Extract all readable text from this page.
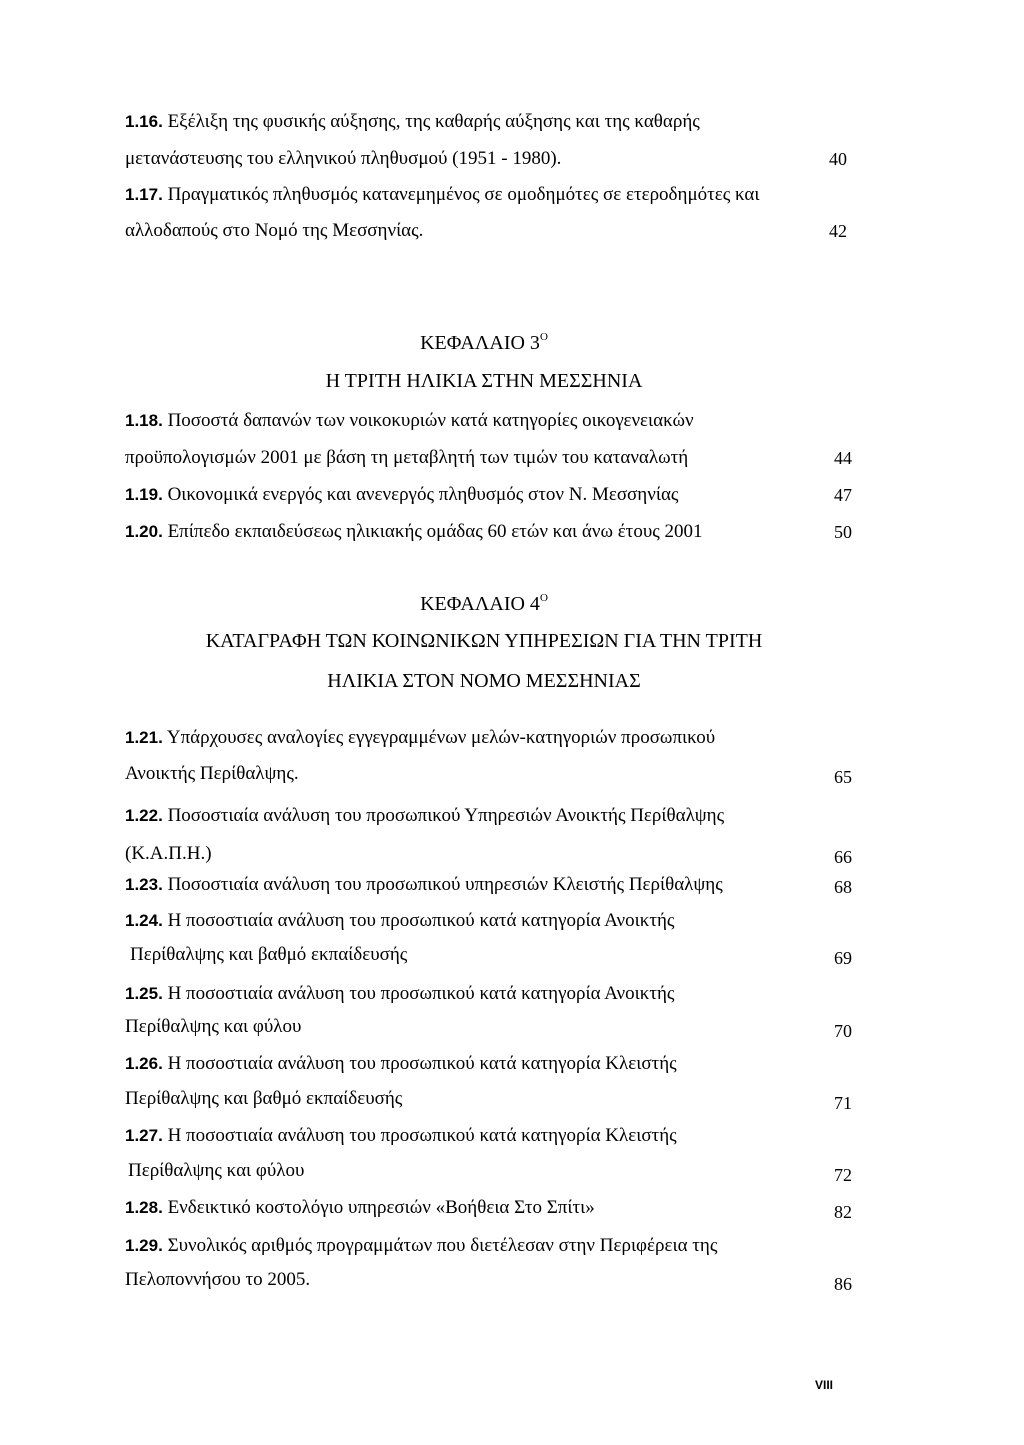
1.16. Εξέλιξη της φυσικής αύξησης, της καθαρής αύξησης και της καθαρής
μετανάστευσης του ελληνικού πληθυσμού (1951 - 1980).	40
1.17. Πραγματικός πληθυσμός κατανεμημένος σε ομοδημότες σε ετεροδημότες και
αλλοδαπούς στο Νομό της Μεσσηνίας.	42
ΚΕΦΑΛΑΙΟ $3^O$
Η ΤΡΙΤΗ ΗΛΙΚΙΑ ΣΤΗΝ ΜΕΣΣΗΝΙΑ
1.18. Ποσοστά δαπανών των νοικοκυριών κατά κατηγορίες οικογενειακών
προϋπολογισμών 2001 με βάση τη μεταβλητή των τιμών του καταναλωτή	44
1.19. Οικονομικά ενεργός και ανενεργός πληθυσμός στον Ν. Μεσσηνίας	47
1.20. Επίπεδο εκπαιδεύσεως ηλικιακής ομάδας 60 ετών και άνω έτους 2001	50
ΚΕΦΑΛΑΙΟ $4^O$
ΚΑΤΑΓΡΑΦΗ ΤΩΝ ΚΟΙΝΩΝΙΚΩΝ ΥΠΗΡΕΣΙΩΝ ΓΙΑ ΤΗΝ ΤΡΙΤΗ
ΗΛΙΚΙΑ ΣΤΟΝ ΝΟΜΟ ΜΕΣΣΗΝΙΑΣ
1.21. Υπάρχουσες αναλογίες εγγεγραμμένων μελών-κατηγοριών προσωπικού
Ανοικτής Περίθαλψης.	65
1.22. Ποσοστιαία ανάλυση του προσωπικού Υπηρεσιών Ανοικτής Περίθαλψης
(Κ.Α.Π.Η.)	66
1.23. Ποσοστιαία ανάλυση του προσωπικού υπηρεσιών Κλειστής Περίθαλψης	68
1.24. Η ποσοστιαία ανάλυση του προσωπικού κατά κατηγορία Ανοικτής
Περίθαλψης και βαθμό εκπαίδευσής	69
1.25. Η ποσοστιαία ανάλυση του προσωπικού κατά κατηγορία Ανοικτής
Περίθαλψης και φύλου	70
1.26. Η ποσοστιαία ανάλυση του προσωπικού κατά κατηγορία Κλειστής
Περίθαλψης και βαθμό εκπαίδευσής	71
1.27. Η ποσοστιαία ανάλυση του προσωπικού κατά κατηγορία Κλειστής
Περίθαλψης και φύλου	72
1.28. Ενδεικτικό κοστολόγιο υπηρεσιών «Βοήθεια Στο Σπίτι»	82
1.29. Συνολικός αριθμός προγραμμάτων που διετέλεσαν στην Περιφέρεια της
Πελοποννήσου το 2005.	86
VIII
